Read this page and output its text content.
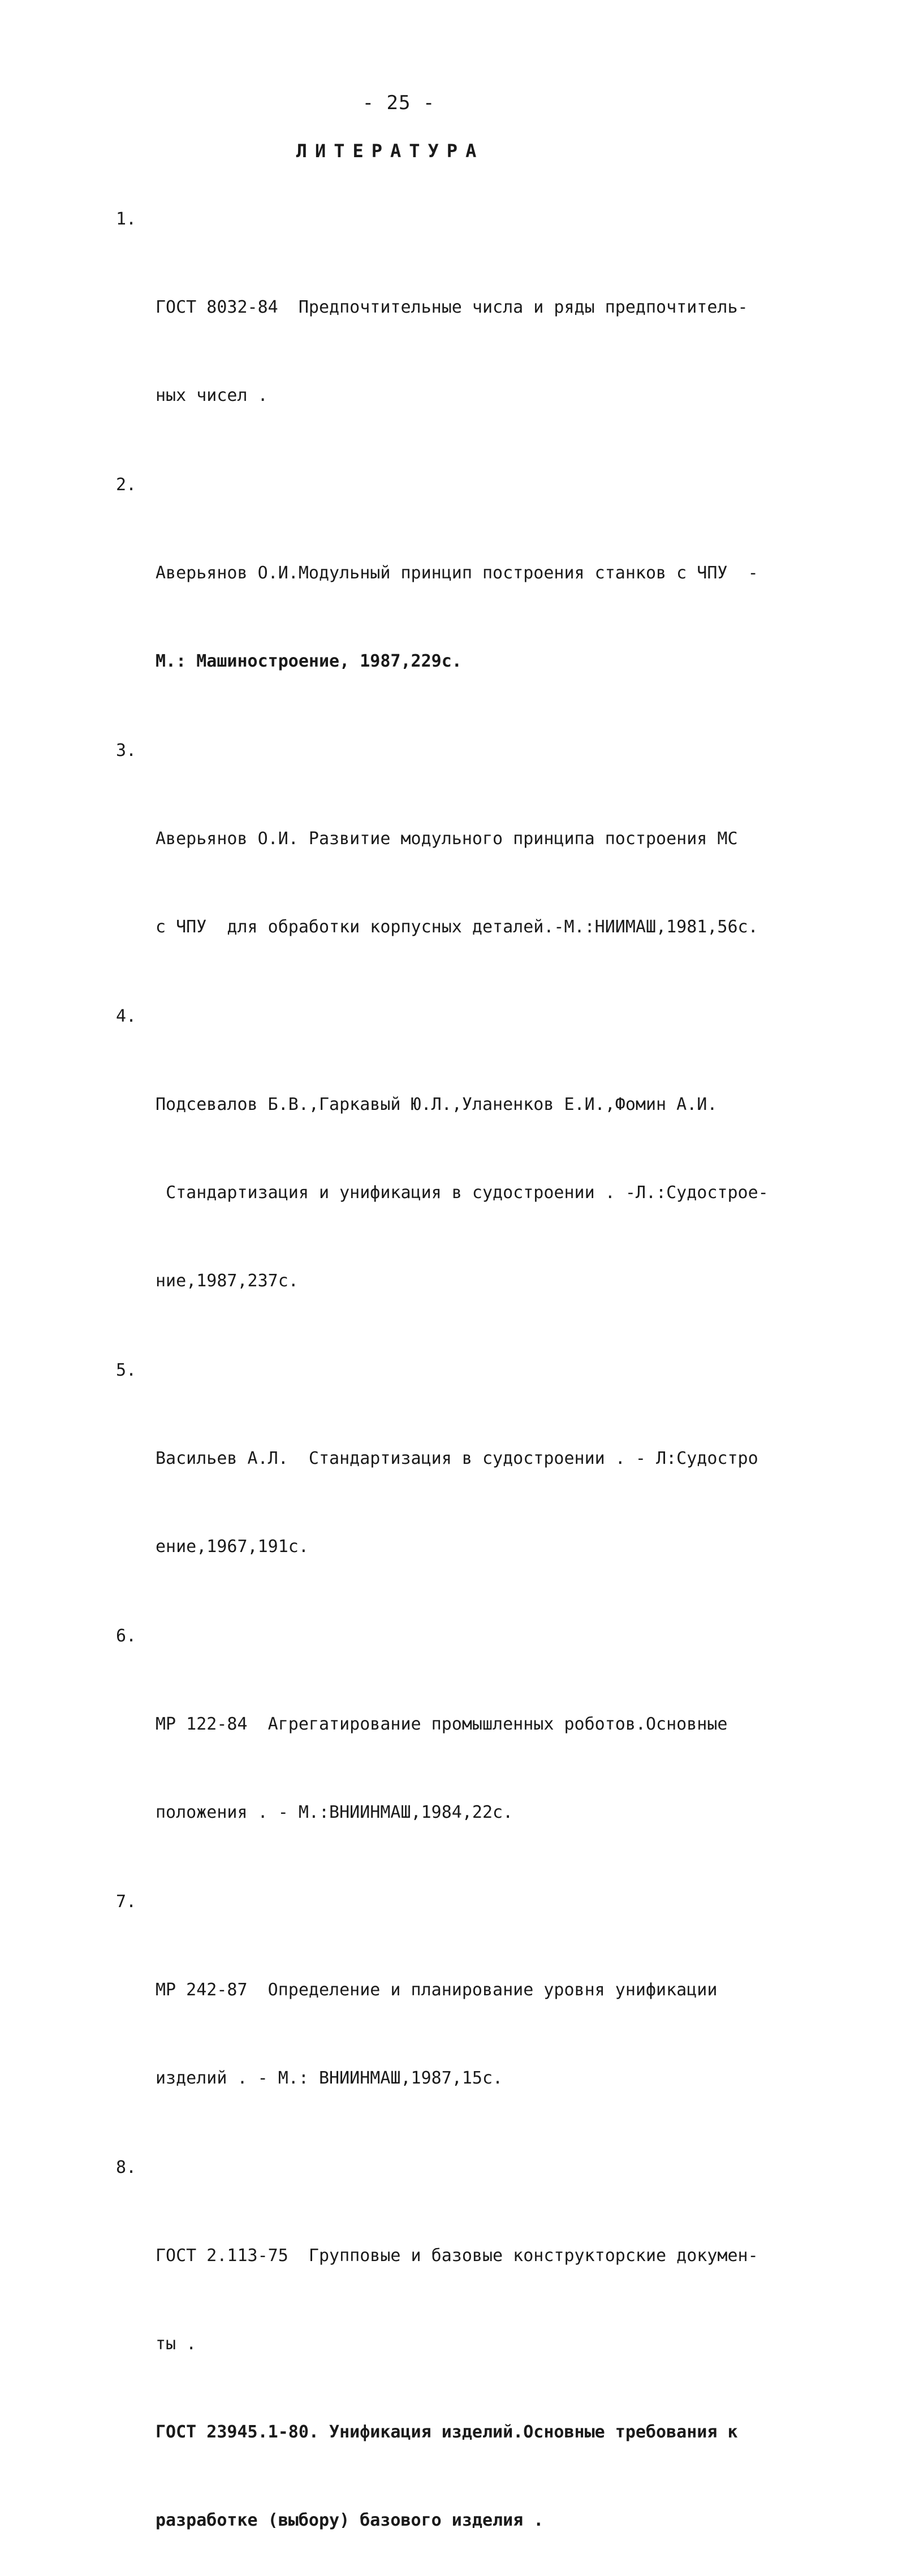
- 25 -
ЛИТЕРАТУРА

1.

ГОСТ 8032-84  Предпочтительные числа и ряды предпочтитель-

ных чисел .

2.

Аверьянов О.И.Модульный принцип построения станков с ЧПУ  -

М.: Машиностроение, 1987,229с.

3.

Аверьянов О.И. Развитие модульного принципа построения МС

с ЧПУ  для обработки корпусных деталей.-М.:НИИМАШ,1981,56с.

4.

Подсевалов Б.В.,Гаркавый Ю.Л.,Уланенков Е.И.,Фомин А.И.

Стандартизация и унификация в судостроении . -Л.:Судострое-

ние,1987,237с.

5.

Васильев А.Л.  Стандартизация в судостроении . - Л:Судостро

ение,1967,191с.

6.

МР 122-84  Агрегатирование промышленных роботов.Основные

положения . - М.:ВНИИНМАШ,1984,22с.

7.

МР 242-87  Определение и планирование уровня унификации

изделий . - М.: ВНИИНМАШ,1987,15с.

8.

ГОСТ 2.113-75  Групповые и базовые конструкторские докумен-

ты .

ГОСТ 23945.1-80. Унификация изделий.Основные требования к

разработке (выбору) базового изделия .
